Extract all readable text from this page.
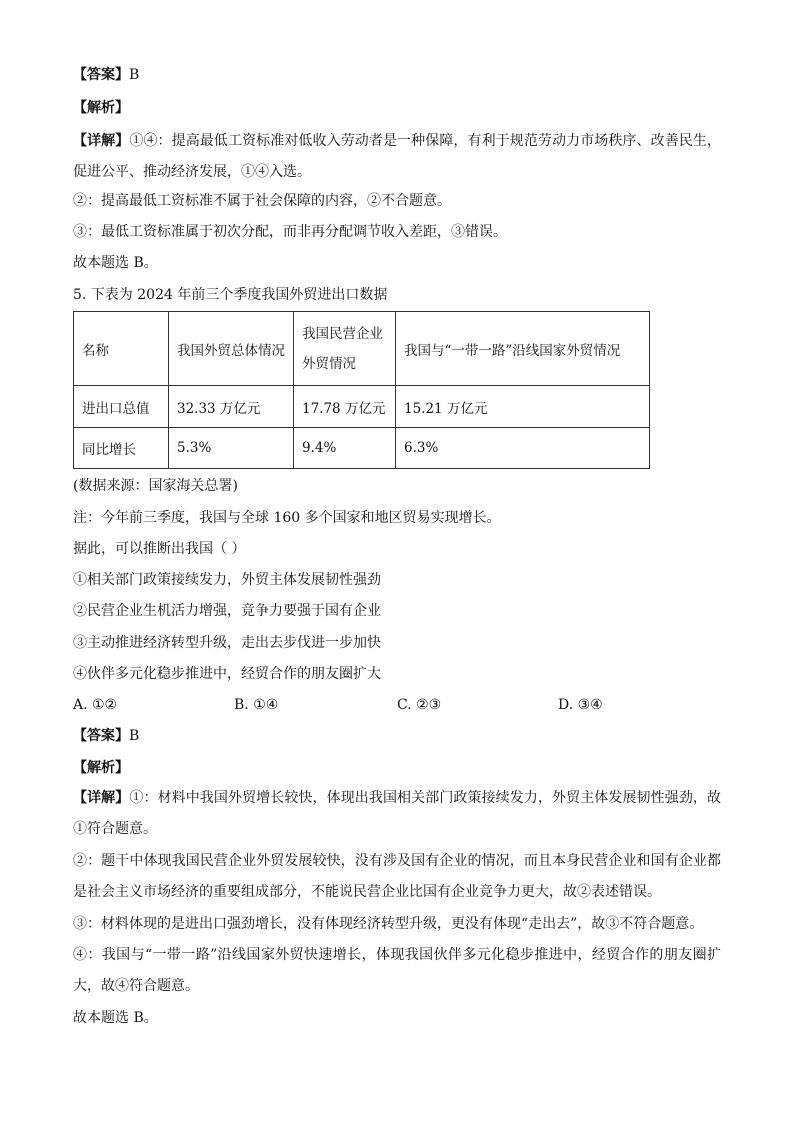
【答案】B
【解析】
【详解】①④：提高最低工资标准对低收入劳动者是一种保障，有利于规范劳动力市场秩序、改善民生，促进公平、推动经济发展，①④入选。
②：提高最低工资标准不属于社会保障的内容，②不合题意。
③：最低工资标准属于初次分配，而非再分配调节收入差距，③错误。
故本题选 B。
5. 下表为 2024 年前三个季度我国外贸进出口数据
名称	我国外贸总体情况	我国民营企业外贸情况	我国与“一带一路”沿线国家外贸情况
进出口总值	32.33 万亿元	17.78 万亿元	15.21 万亿元
同比增长	5.3%	9.4%	6.3%
(数据来源：国家海关总署)
注：今年前三季度，我国与全球 160 多个国家和地区贸易实现增长。
据此，可以推断出我国（ ）
①相关部门政策接续发力，外贸主体发展韧性强劲
②民营企业生机活力增强，竞争力要强于国有企业
③主动推进经济转型升级，走出去步伐进一步加快
④伙伴多元化稳步推进中，经贸合作的朋友圈扩大
A. ①②	B. ①④	C. ②③	D. ③④
【答案】B
【解析】
【详解】①：材料中我国外贸增长较快，体现出我国相关部门政策接续发力，外贸主体发展韧性强劲，故①符合题意。
②：题干中体现我国民营企业外贸发展较快，没有涉及国有企业的情况，而且本身民营企业和国有企业都是社会主义市场经济的重要组成部分，不能说民营企业比国有企业竞争力更大，故②表述错误。
③：材料体现的是进出口强劲增长，没有体现经济转型升级，更没有体现“走出去”，故③不符合题意。
④：我国与“一带一路”沿线国家外贸快速增长，体现我国伙伴多元化稳步推进中，经贸合作的朋友圈扩大，故④符合题意。
故本题选 B。
